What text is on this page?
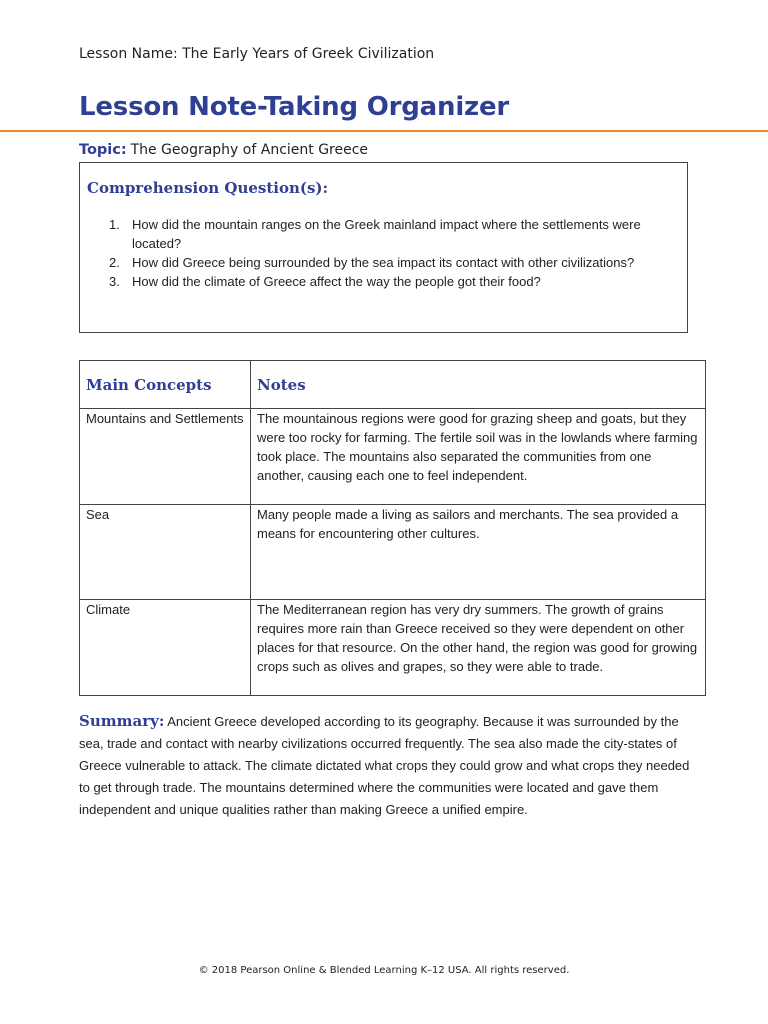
Lesson Name: The Early Years of Greek Civilization
Lesson Note-Taking Organizer
Topic: The Geography of Ancient Greece
Comprehension Question(s):
1. How did the mountain ranges on the Greek mainland impact where the settlements were located?
2. How did Greece being surrounded by the sea impact its contact with other civilizations?
3. How did the climate of Greece affect the way the people got their food?
Main Concepts	Notes
Mountains and Settlements	The mountainous regions were good for grazing sheep and goats, but they were too rocky for farming. The fertile soil was in the lowlands where farming took place. The mountains also separated the communities from one another, causing each one to feel independent.
Sea	Many people made a living as sailors and merchants. The sea provided a means for encountering other cultures.
Climate	The Mediterranean region has very dry summers. The growth of grains requires more rain than Greece received so they were dependent on other places for that resource. On the other hand, the region was good for growing crops such as olives and grapes, so they were able to trade.

Summary: Ancient Greece developed according to its geography. Because it was surrounded by the sea, trade and contact with nearby civilizations occurred frequently. The sea also made the city-states of Greece vulnerable to attack. The climate dictated what crops they could grow and what crops they needed to get through trade. The mountains determined where the communities were located and gave them independent and unique qualities rather than making Greece a unified empire.

© 2018 Pearson Online & Blended Learning K–12 USA. All rights reserved.
